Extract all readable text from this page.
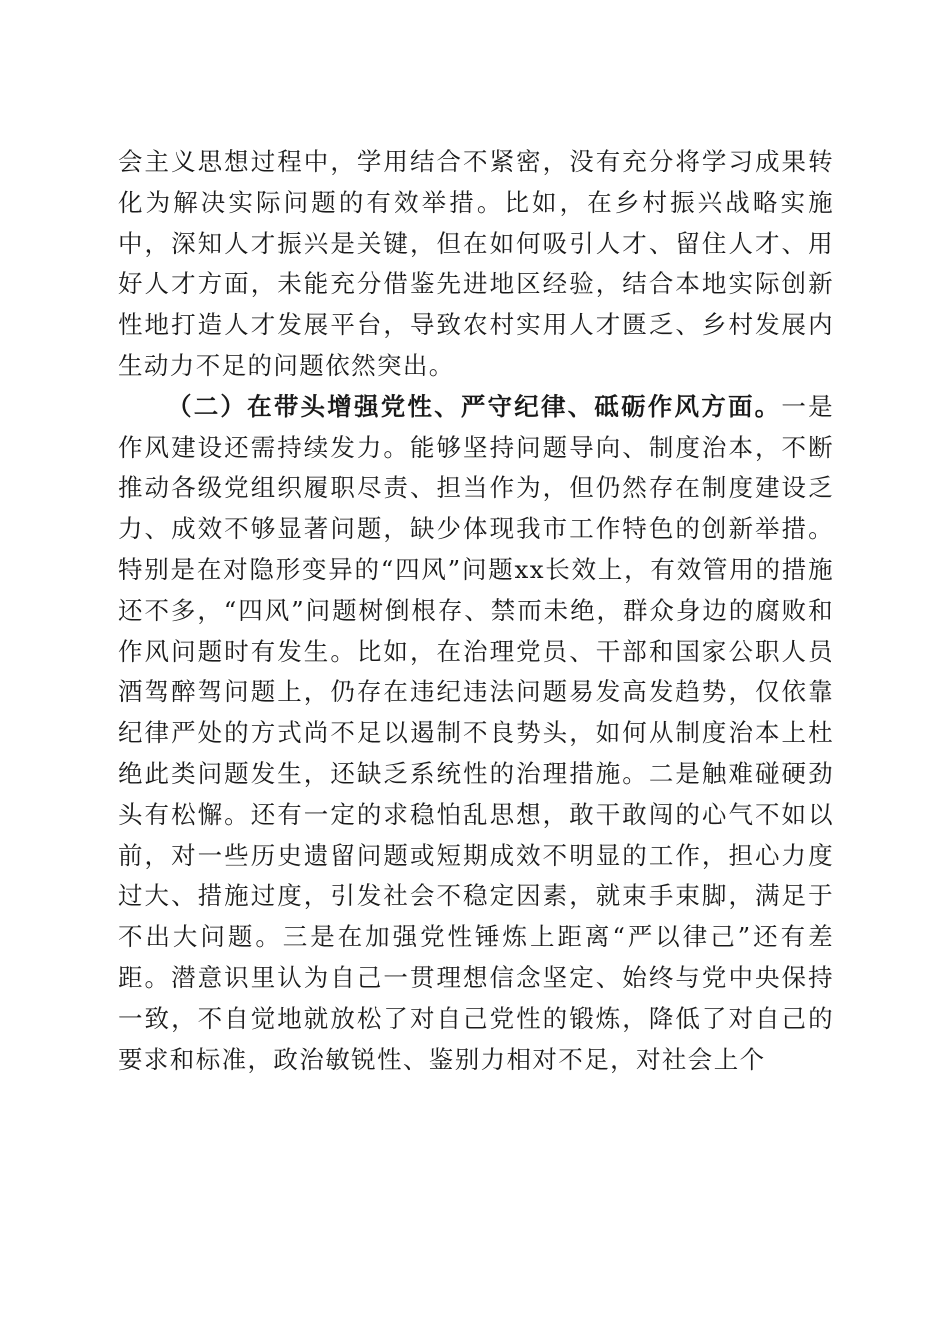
会主义思想过程中，学用结合不紧密，没有充分将学习成果转化为解决实际问题的有效举措。比如，在乡村振兴战略实施中，深知人才振兴是关键，但在如何吸引人才、留住人才、用好人才方面，未能充分借鉴先进地区经验，结合本地实际创新性地打造人才发展平台，导致农村实用人才匮乏、乡村发展内生动力不足的问题依然突出。

（二）在带头增强党性、严守纪律、砥砺作风方面。一是作风建设还需持续发力。能够坚持问题导向、制度治本，不断推动各级党组织履职尽责、担当作为，但仍然存在制度建设乏力、成效不够显著问题，缺少体现我市工作特色的创新举措。特别是在对隐形变异的“四风”问题xx长效上，有效管用的措施还不多，“四风”问题树倒根存、禁而未绝，群众身边的腐败和作风问题时有发生。比如，在治理党员、干部和国家公职人员酒驾醉驾问题上，仍存在违纪违法问题易发高发趋势，仅依靠纪律严处的方式尚不足以遏制不良势头，如何从制度治本上杜绝此类问题发生，还缺乏系统性的治理措施。二是触难碰硬劲头有松懈。还有一定的求稳怕乱思想，敢干敢闯的心气不如以前，对一些历史遗留问题或短期成效不明显的工作，担心力度过大、措施过度，引发社会不稳定因素，就束手束脚，满足于不出大问题。三是在加强党性锤炼上距离“严以律己”还有差距。潜意识里认为自己一贯理想信念坚定、始终与党中央保持一致，不自觉地就放松了对自己党性的锻炼，降低了对自己的要求和标准，政治敏锐性、鉴别力相对不足，对社会上个
